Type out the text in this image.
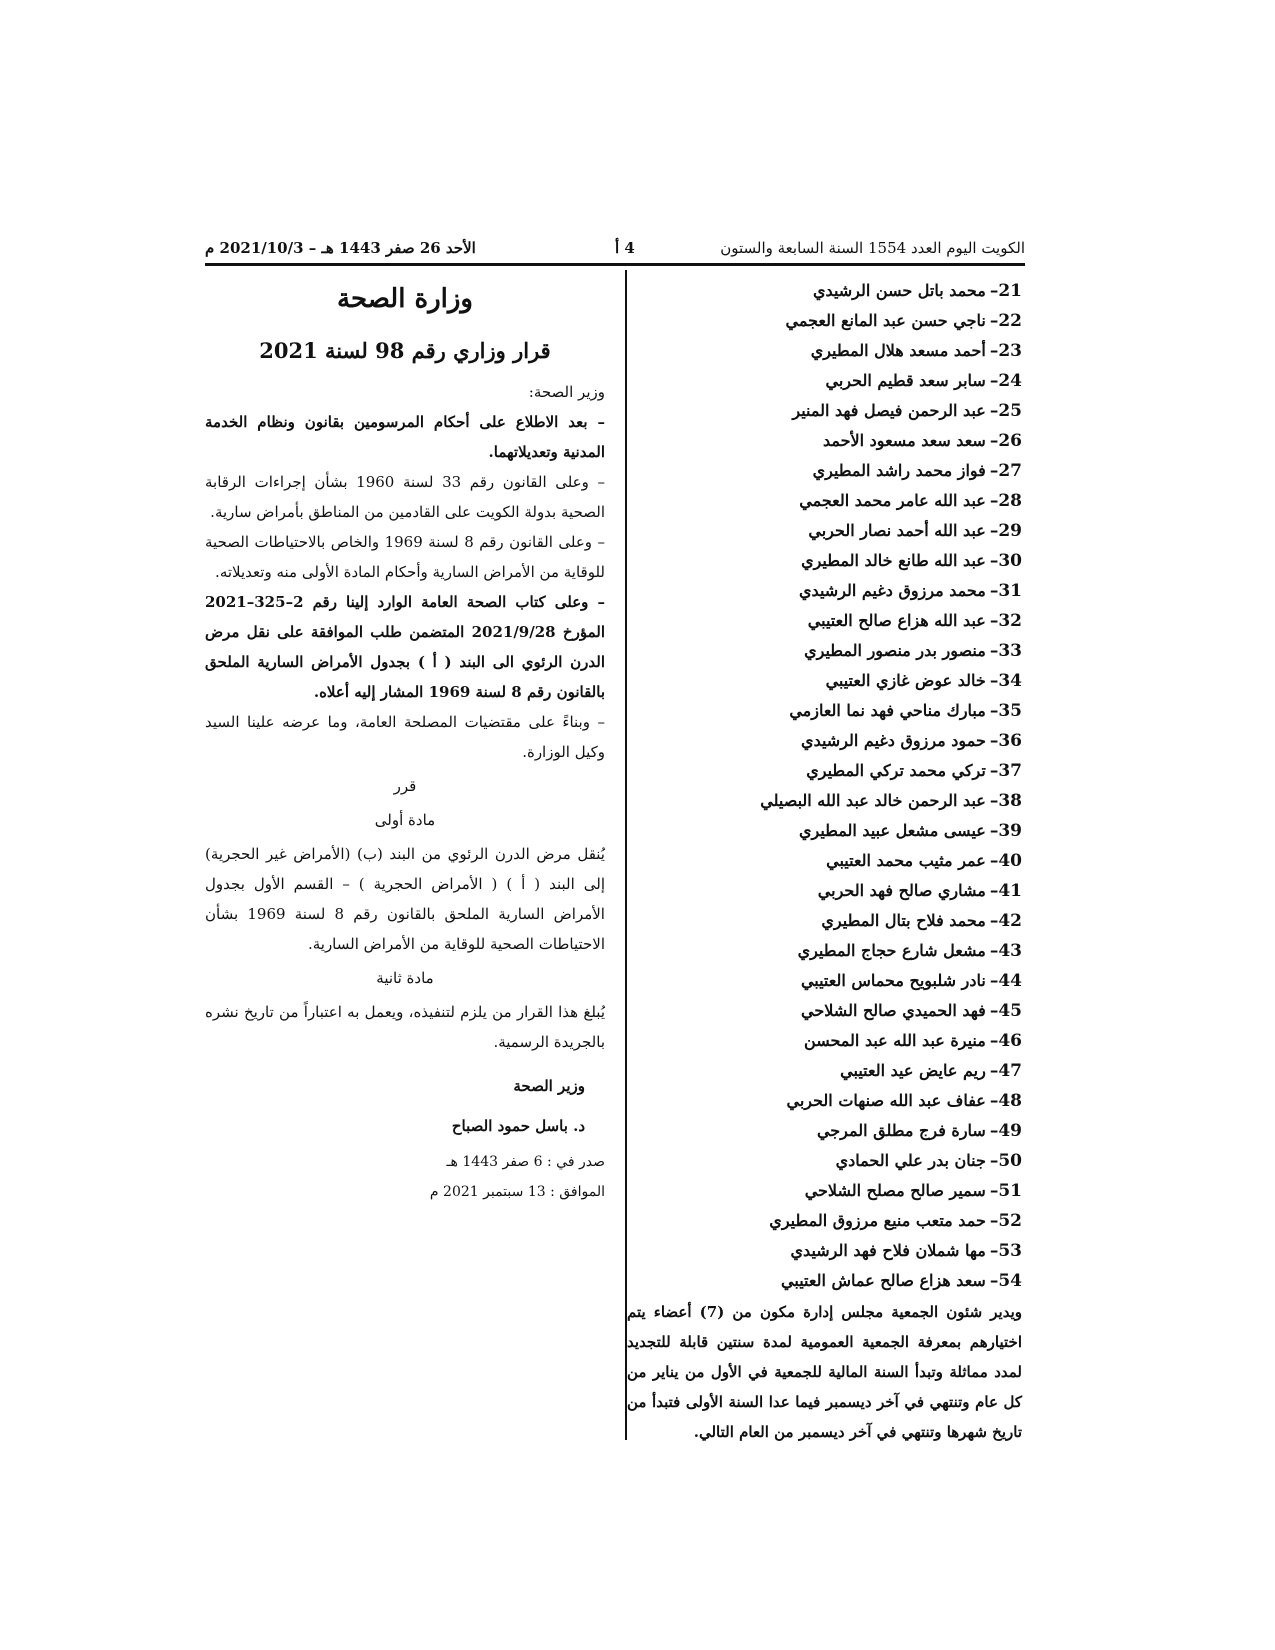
الكويت اليوم العدد 1554 السنة السابعة والستون
4 أ
الأحد 26 صفر 1443 هـ – 2021/10/3 م
21–محمد باتل حسن الرشيدي
22–ناجي حسن عبد المانع العجمي
23–أحمد مسعد هلال المطيري
24–سابر سعد قطيم الحربي
25–عبد الرحمن فيصل فهد المنير
26–سعد سعد مسعود الأحمد
27–فواز محمد راشد المطيري
28–عبد الله عامر محمد العجمي
29–عبد الله أحمد نصار الحربي
30–عبد الله طانع خالد المطيري
31–محمد مرزوق دغيم الرشيدي
32–عبد الله هزاع صالح العتيبي
33–منصور بدر منصور المطيري
34–خالد عوض غازي العتيبي
35–مبارك مناحي فهد نما العازمي
36–حمود مرزوق دغيم الرشيدي
37–تركي محمد تركي المطيري
38–عبد الرحمن خالد عبد الله البصيلي
39–عيسى مشعل عبيد المطيري
40–عمر مثيب محمد العتيبي
41–مشاري صالح فهد الحربي
42–محمد فلاح بتال المطيري
43–مشعل شارع حجاج المطيري
44–نادر شلبويح محماس العتيبي
45–فهد الحميدي صالح الشلاحي
46–منيرة عبد الله عبد المحسن
47–ريم عايض عيد العتيبي
48–عفاف عبد الله صنهات الحربي
49–سارة فرج مطلق المرجي
50–جنان بدر علي الحمادي
51–سمير صالح مصلح الشلاحي
52–حمد متعب منيع مرزوق المطيري
53–مها شملان فلاح فهد الرشيدي
54–سعد هزاع صالح عماش العتيبي

ويدير شئون الجمعية مجلس إدارة مكون من (7) أعضاء يتم اختيارهم بمعرفة الجمعية العمومية لمدة سنتين قابلة للتجديد لمدد مماثلة وتبدأ السنة المالية للجمعية في الأول من يناير من كل عام وتنتهي في آخر ديسمبر فيما عدا السنة الأولى فتبدأ من تاريخ شهرها وتنتهي في آخر ديسمبر من العام التالي.

وزارة الصحة
قرار وزاري رقم 98 لسنة 2021

وزير الصحة:

– بعد الاطلاع على أحكام المرسومين بقانون ونظام الخدمة المدنية وتعديلاتهما.

– وعلى القانون رقم 33 لسنة 1960 بشأن إجراءات الرقابة الصحية بدولة الكويت على القادمين من المناطق بأمراض سارية.

– وعلى القانون رقم 8 لسنة 1969 والخاص بالاحتياطات الصحية للوقاية من الأمراض السارية وأحكام المادة الأولى منه وتعديلاته.

– وعلى كتاب الصحة العامة الوارد إلينا رقم 2–325–2021 المؤرخ 2021/9/28 المتضمن طلب الموافقة على نقل مرض الدرن الرئوي الى البند ( أ ) بجدول الأمراض السارية الملحق بالقانون رقم 8 لسنة 1969 المشار إليه أعلاه.

– وبناءً على مقتضيات المصلحة العامة، وما عرضه علينا السيد وكيل الوزارة.

قرر
مادة أولى

يُنقل مرض الدرن الرئوي من البند (ب) (الأمراض غير الحجرية) إلى البند ( أ ) ( الأمراض الحجرية ) – القسم الأول بجدول الأمراض السارية الملحق بالقانون رقم 8 لسنة 1969 بشأن الاحتياطات الصحية للوقاية من الأمراض السارية.

مادة ثانية

يُبلغ هذا القرار من يلزم لتنفيذه، ويعمل به اعتباراً من تاريخ نشره بالجريدة الرسمية.

وزير الصحة
د. باسل حمود الصباح
صدر في : 6 صفر 1443 هـ
الموافق : 13 سبتمبر 2021 م
